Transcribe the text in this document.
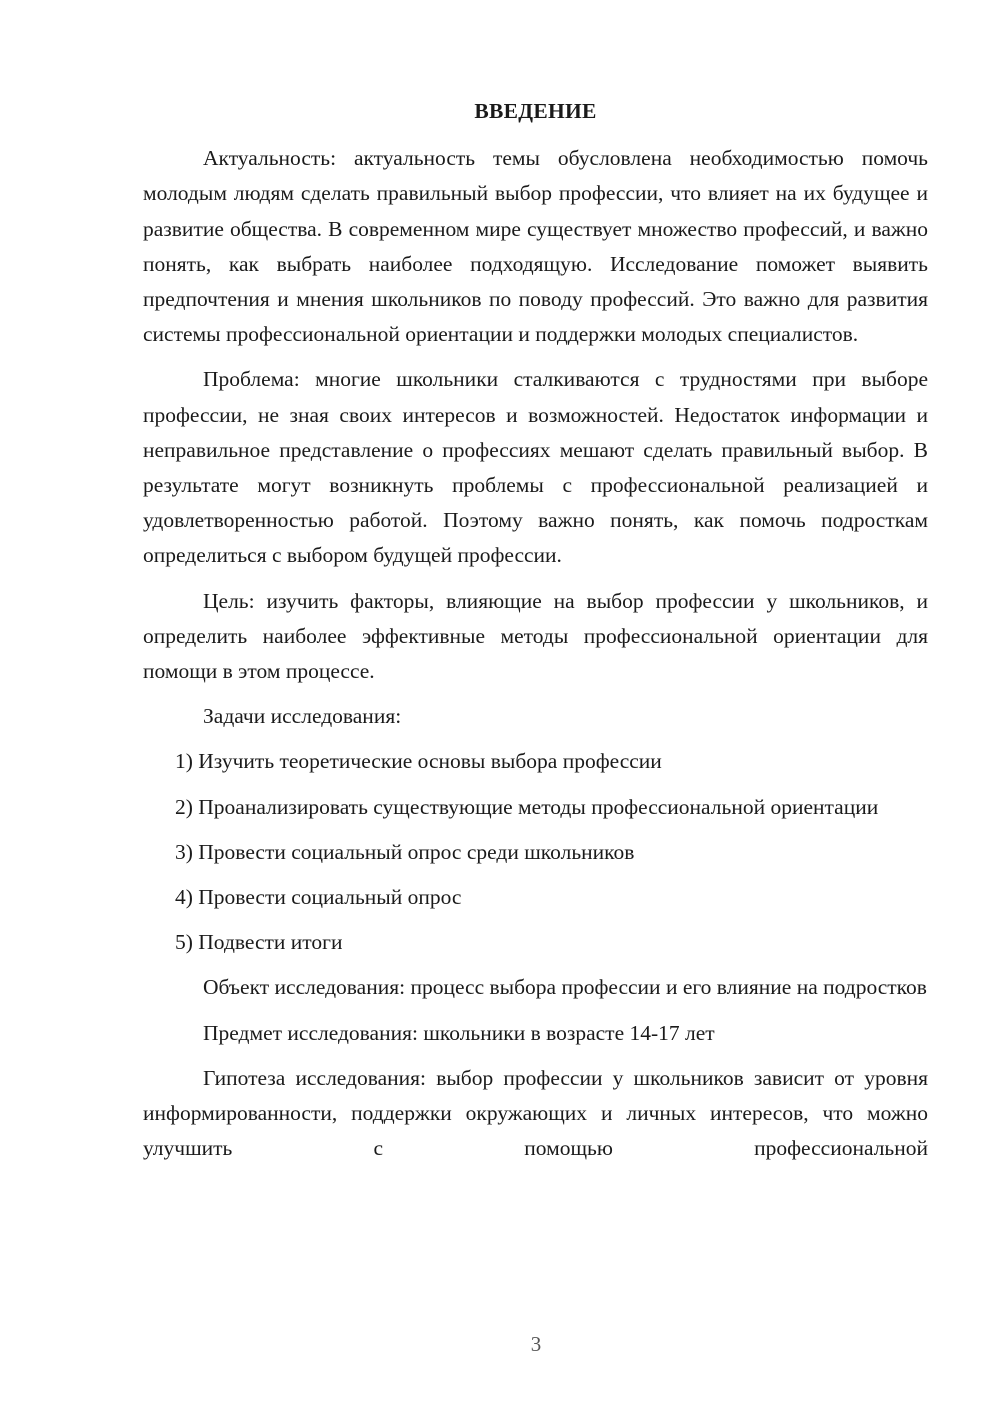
ВВЕДЕНИЕ

Актуальность: актуальность темы обусловлена необходимостью помочь молодым людям сделать правильный выбор профессии, что влияет на их будущее и развитие общества. В современном мире существует множество профессий, и важно понять, как выбрать наиболее подходящую. Исследование поможет выявить предпочтения и мнения школьников по поводу профессий. Это важно для развития системы профессиональной ориентации и поддержки молодых специалистов.

Проблема: многие школьники сталкиваются с трудностями при выборе профессии, не зная своих интересов и возможностей. Недостаток информации и неправильное представление о профессиях мешают сделать правильный выбор. В результате могут возникнуть проблемы с профессиональной реализацией и удовлетворенностью работой. Поэтому важно понять, как помочь подросткам определиться с выбором будущей профессии.

Цель: изучить факторы, влияющие на выбор профессии у школьников, и определить наиболее эффективные методы профессиональной ориентации для помощи в этом процессе.

Задачи исследования:

1) Изучить теоретические основы выбора профессии

2) Проанализировать существующие методы профессиональной ориентации

3) Провести социальный опрос среди школьников

4) Провести социальный опрос

5) Подвести итоги

Объект исследования: процесс выбора профессии и его влияние на подростков

Предмет исследования: школьники в возрасте 14-17 лет

Гипотеза исследования: выбор профессии у школьников зависит от уровня информированности, поддержки окружающих и личных интересов, что можно улучшить с помощью профессиональной

3
